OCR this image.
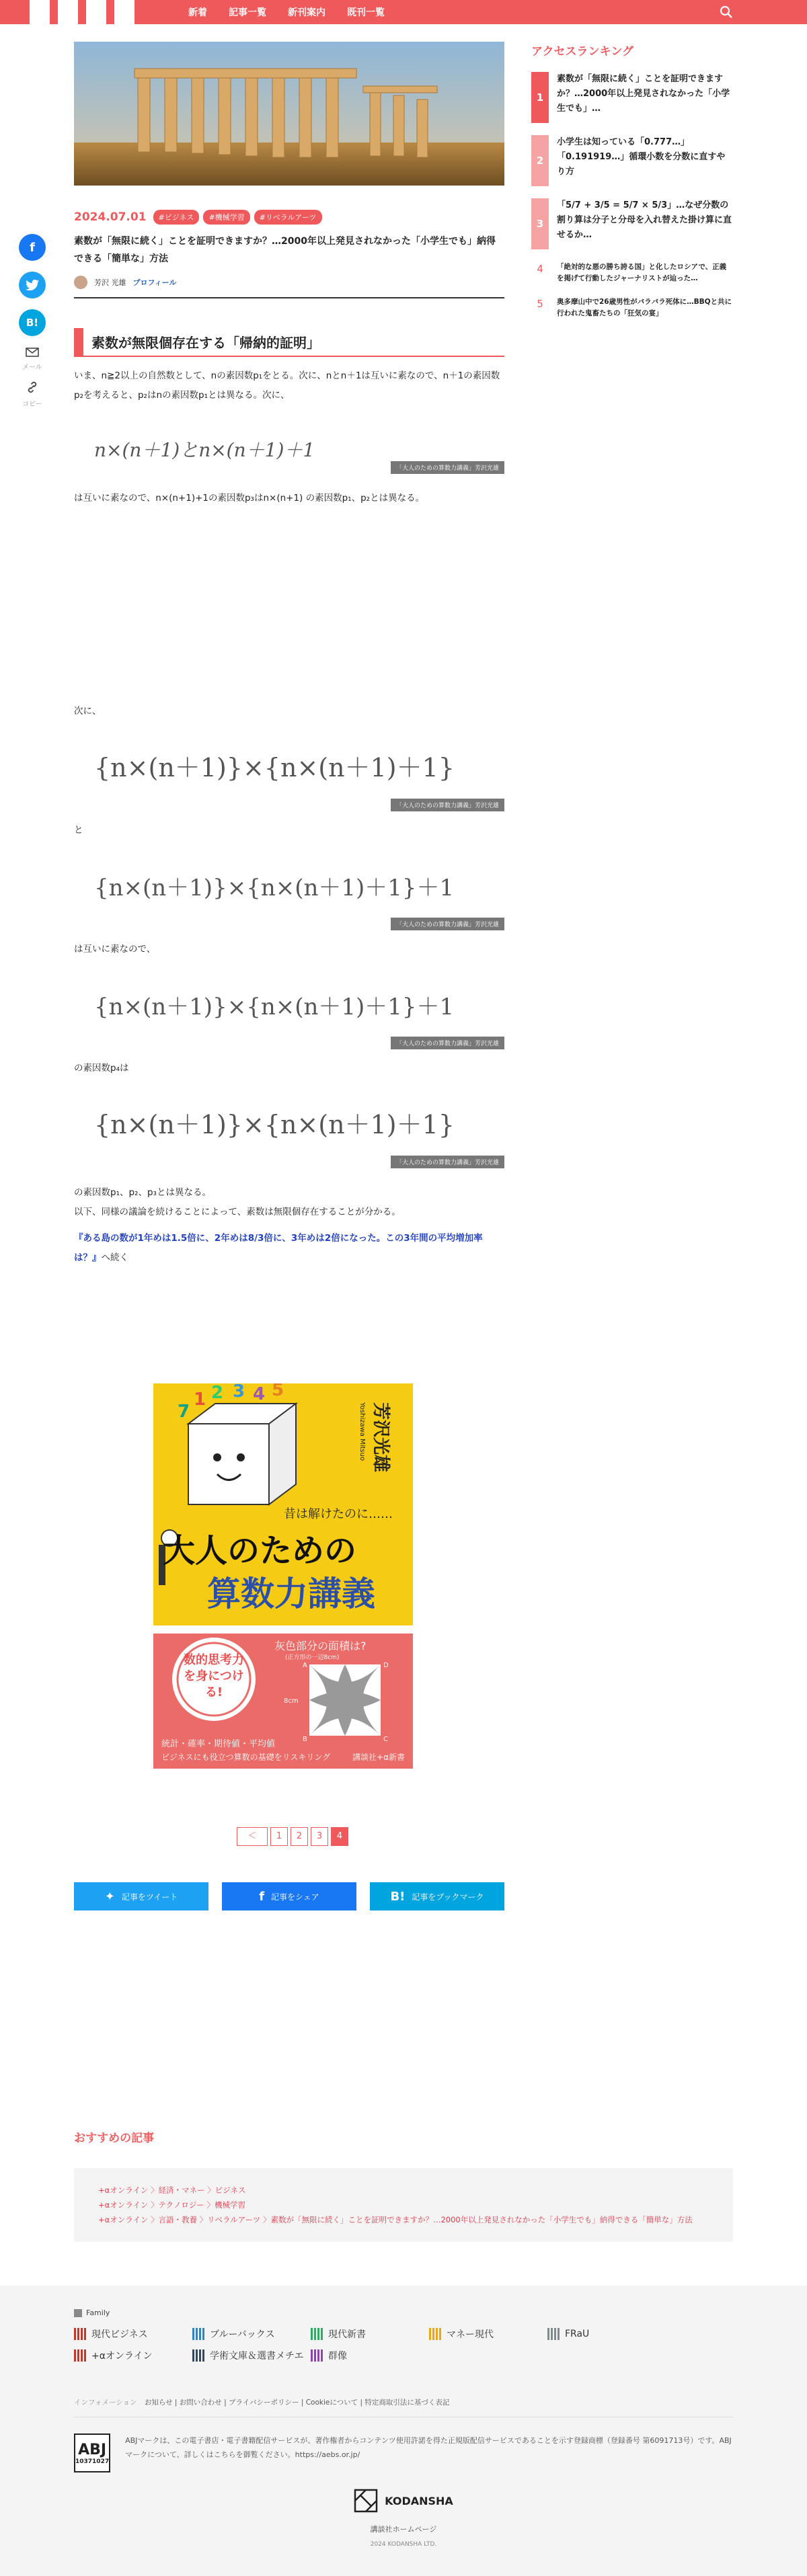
新着 記事一覧 新刊案内 既刊一覧
f
B!
メール
コピー
2024.07.01	#ビジネス	#機械学習	#リベラルアーツ
素数が「無限に続く」ことを証明できますか？…2000年以上発見されなかった「小学生でも」納得できる「簡単な」方法
芳沢 光雄 プロフィール
素数が無限個存在する「帰納的証明」

いま、n≧2以上の自然数として、nの素因数p₁をとる。次に、nとn＋1は互いに素なので、n＋1の素因数p₂を考えると、p₂はnの素因数p₁とは異なる。次に、

n×(n＋1)とn×(n＋1)＋1
「大人のための算数力講義」芳沢光雄

は互いに素なので、n×(n+1)+1の素因数p₃はn×(n+1) の素因数p₁、p₂とは異なる。

次に、

{n×(n＋1)}×{n×(n＋1)＋1}
「大人のための算数力講義」芳沢光雄

と

{n×(n＋1)}×{n×(n＋1)＋1}＋1
「大人のための算数力講義」芳沢光雄

は互いに素なので、

{n×(n＋1)}×{n×(n＋1)＋1}＋1
「大人のための算数力講義」芳沢光雄

の素因数p₄は

{n×(n＋1)}×{n×(n＋1)＋1}
「大人のための算数力講義」芳沢光雄

の素因数p₁、p₂、p₃とは異なる。

以下、同様の議論を続けることによって、素数は無限個存在することが分かる。

『ある島の数が1年めは1.5倍に、2年めは8/3倍に、3年めは2倍になった。この3年間の平均増加率は？』へ続く

1 2 3 4 5
7	芳沢光雄
Yoshizawa Mitsuo
昔は解けたのに……
大人のための
算数力講義
数的思考力を身につける!
灰色部分の面積は?
(正方形の一辺8cm)
A	D
B	C
8cm
統計・確率・期待値・平均値
ビジネスにも役立つ算数の基礎をリスキリング	講談社+α新書
＜	1	2	3	4
✦ 記事をツイート	f 記事をシェア	B! 記事をブックマーク
アクセスランキング
1
素数が「無限に続く」ことを証明できますか？…2000年以上発見されなかった「小学生でも」…
2
小学生は知っている「0.777…」「0.191919…」循環小数を分数に直すやり方
3
「5/7 + 3/5 = 5/7 × 5/3」…なぜ分数の割り算は分子と分母を入れ替えた掛け算に直せるか…
4	「絶対的な悪の勝ち誇る国」と化したロシアで、正義を掲げて行動したジャーナリストが辿った…
5	奥多摩山中で26歳男性がバラバラ死体に…BBQと共に行われた鬼畜たちの「狂気の宴」
おすすめの記事
+αオンライン 〉経済・マネー 〉ビジネス
+αオンライン 〉テクノロジー 〉機械学習
+αオンライン 〉言語・教養 〉リベラルアーツ 〉素数が「無限に続く」ことを証明できますか？…2000年以上発見されなかった「小学生でも」納得できる「簡単な」方法
Family
現代ビジネス	ブルーバックス	現代新書	マネー現代	FRaU
+αオンライン	学術文庫＆選書メチエ	群像
インフォメーション お知らせ | お問い合わせ | プライバシーポリシー | Cookieについて | 特定商取引法に基づく表記
ABJ
10371027
ABJマークは、この電子書店・電子書籍配信サービスが、著作権者からコンテンツ使用許諾を得た正規版配信サービスであることを示す登録商標（登録番号 第6091713号）です。ABJマークについて、詳しくはこちらを御覧ください。https://aebs.or.jp/
KODANSHA
講談社ホームページ
2024 KODANSHA LTD.
